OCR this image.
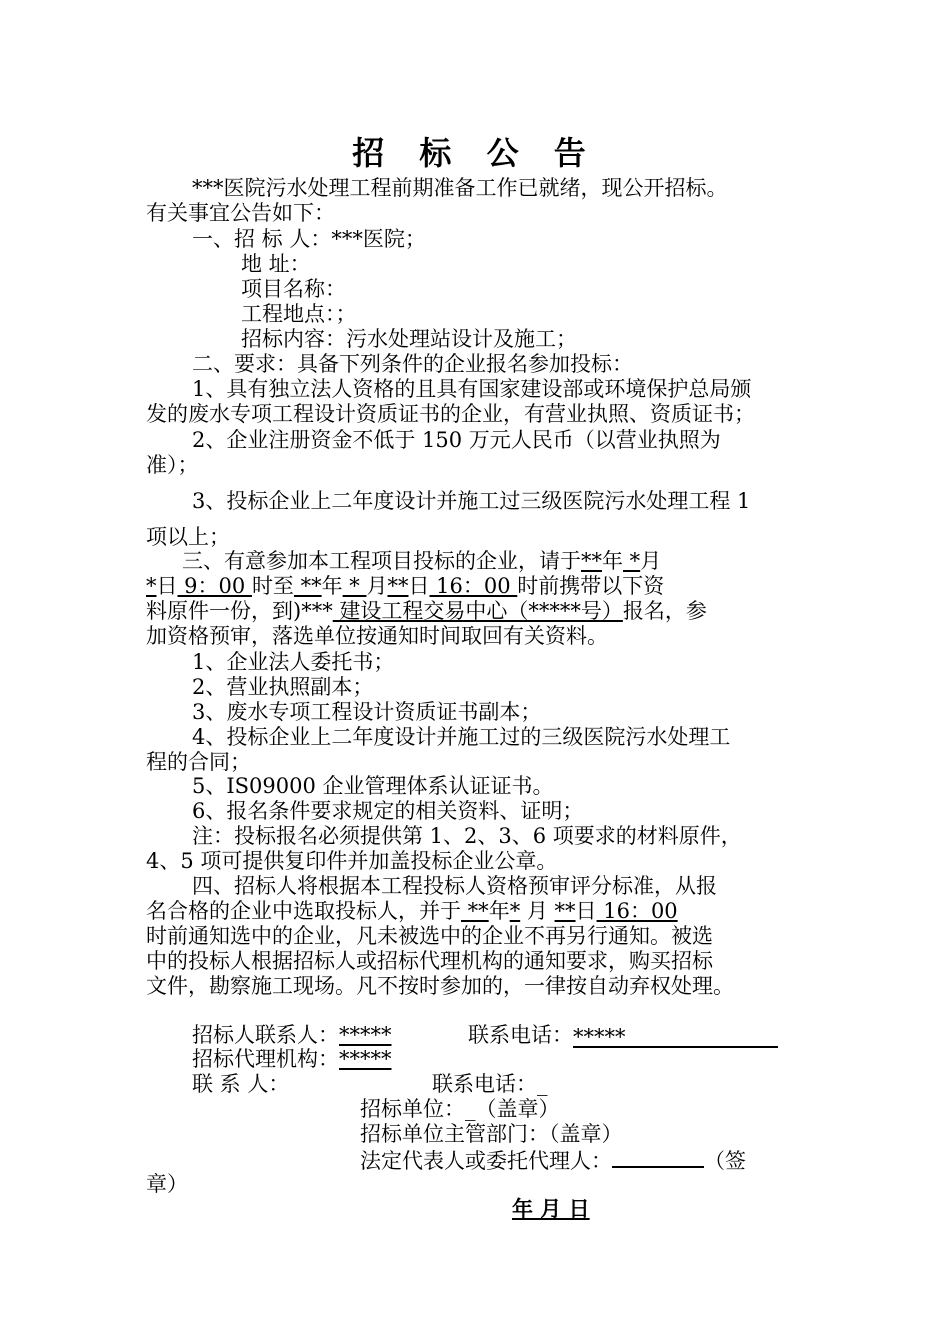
招 标 公 告
***医院污水处理工程前期准备工作已就绪，现公开招标。
有关事宜公告如下：
一、招 标 人：***医院；
地 址：
项目名称：
工程地点：；
招标内容：污水处理站设计及施工；
二、要求：具备下列条件的企业报名参加投标：
1、具有独立法人资格的且具有国家建设部或环境保护总局颁
发的废水专项工程设计资质证书的企业，有营业执照、资质证书；
2、企业注册资金不低于 150 万元人民币（以营业执照为
准）；
3、投标企业上二年度设计并施工过三级医院污水处理工程 1
项以上；
三、有意参加本工程项目投标的企业，请于**年 *月
*日 9：00 时至 **年 * 月**日 16：00 时前携带以下资
料原件一份，到)*** 建设工程交易中心（*****号）报名，参
加资格预审，落选单位按通知时间取回有关资料。
1、企业法人委托书；
2、营业执照副本；
3、废水专项工程设计资质证书副本；
4、投标企业上二年度设计并施工过的三级医院污水处理工
程的合同；
5、IS09000 企业管理体系认证证书。
6、报名条件要求规定的相关资料、证明；
注：投标报名必须提供第 1、2、3、6 项要求的材料原件，
4、5 项可提供复印件并加盖投标企业公章。
四、招标人将根据本工程投标人资格预审评分标准，从报
名合格的企业中选取投标人，并于 **年* 月 **日 16：00
时前通知选中的企业，凡未被选中的企业不再另行通知。被选
中的投标人根据招标人或招标代理机构的通知要求，购买招标
文件，勘察施工现场。凡不按时参加的，一律按自动弃权处理。
招标人联系人：*****	联系电话：*****
招标代理机构：*****
联 系 人：	联系电话：_
招标单位：_（盖章）
招标单位主管部门：（盖章）
法定代表人或委托代理人：	（签
章）
年 月 日
